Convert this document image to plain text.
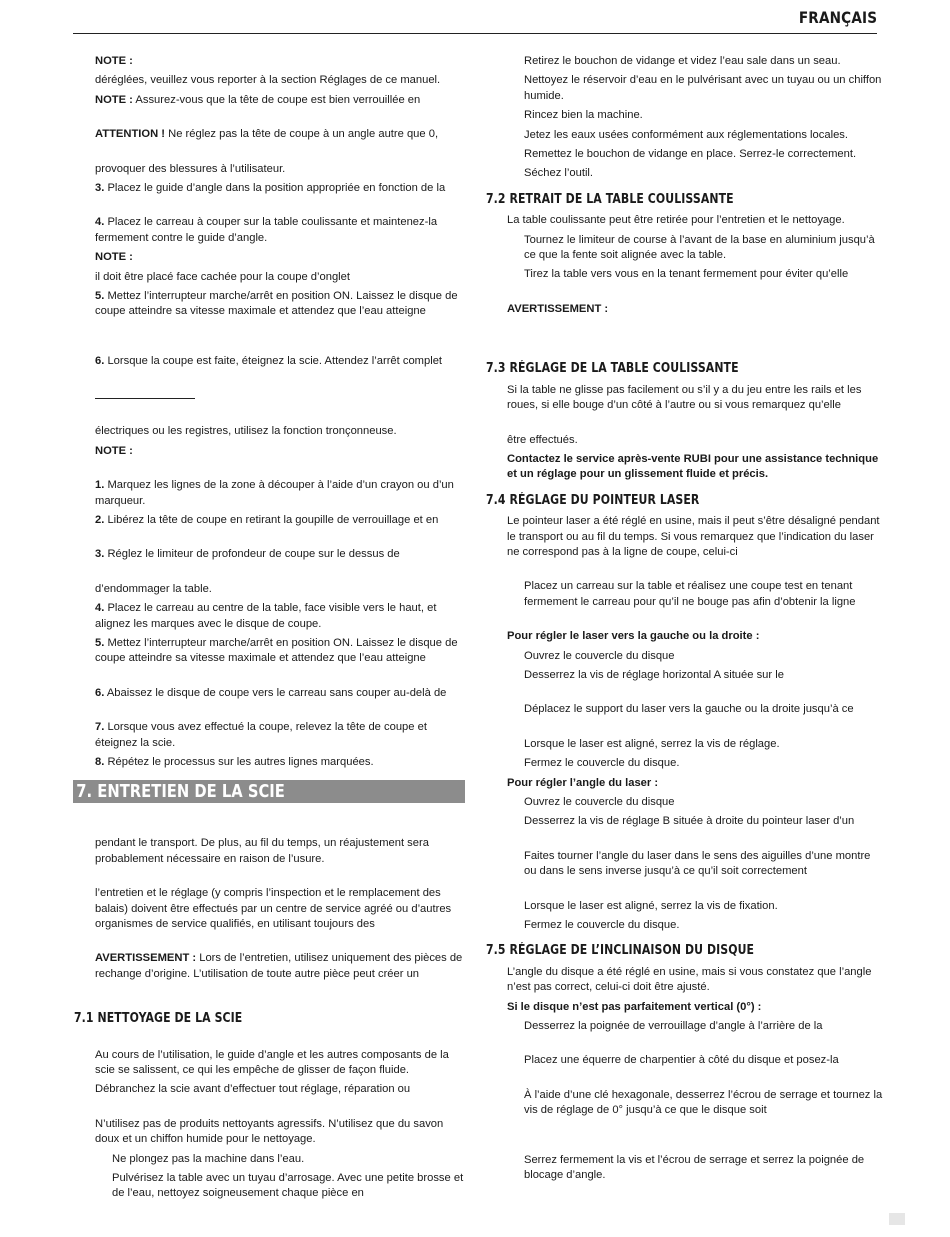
FRANÇAIS

NOTE :

déréglées, veuillez vous reporter à la section Réglages de ce manuel.

NOTE : Assurez-vous que la tête de coupe est bien verrouillée en

ATTENTION ! Ne réglez pas la tête de coupe à un angle autre que 0,

provoquer des blessures à l’utilisateur.

3. Placez le guide d’angle dans la position appropriée en fonction de la

4. Placez le carreau à couper sur la table coulissante et maintenez-la fermement contre le guide d’angle.

NOTE :

il doit être placé face cachée pour la coupe d’onglet

5. Mettez l’interrupteur marche/arrêt en position ON. Laissez le disque de coupe atteindre sa vitesse maximale et attendez que l’eau atteigne

6. Lorsque la coupe est faite, éteignez la scie. Attendez l’arrêt complet

électriques ou les registres, utilisez la fonction tronçonneuse.

NOTE :

1. Marquez les lignes de la zone à découper à l’aide d’un crayon ou d’un marqueur.

2. Libérez la tête de coupe en retirant la goupille de verrouillage et en

3. Réglez le limiteur de profondeur de coupe sur le dessus de

d’endommager la table.

4. Placez le carreau au centre de la table, face visible vers le haut, et alignez les marques avec le disque de coupe.

5. Mettez l’interrupteur marche/arrêt en position ON. Laissez le disque de coupe atteindre sa vitesse maximale et attendez que l’eau atteigne

6. Abaissez le disque de coupe vers le carreau sans couper au-delà de

7. Lorsque vous avez effectué la coupe, relevez la tête de coupe et éteignez la scie.

8. Répétez le processus sur les autres lignes marquées.

7. ENTRETIEN DE LA SCIE

pendant le transport. De plus, au fil du temps, un réajustement sera probablement nécessaire en raison de l’usure.

l’entretien et le réglage (y compris l’inspection et le remplacement des balais) doivent être effectués par un centre de service agréé ou d’autres organismes de service qualifiés, en utilisant toujours des

AVERTISSEMENT : Lors de l’entretien, utilisez uniquement des pièces de rechange d’origine. L’utilisation de toute autre pièce peut créer un

7.1 NETTOYAGE DE LA SCIE

Au cours de l’utilisation, le guide d’angle et les autres composants de la scie se salissent, ce qui les empêche de glisser de façon fluide.

Débranchez la scie avant d’effectuer tout réglage, réparation ou

N’utilisez pas de produits nettoyants agressifs. N’utilisez que du savon doux et un chiffon humide pour le nettoyage.

Ne plongez pas la machine dans l’eau.

Pulvérisez la table avec un tuyau d’arrosage. Avec une petite brosse et de l’eau, nettoyez soigneusement chaque pièce en

Retirez le bouchon de vidange et videz l’eau sale dans un seau.

Nettoyez le réservoir d’eau en le pulvérisant avec un tuyau ou un chiffon humide.

Rincez bien la machine.

Jetez les eaux usées conformément aux réglementations locales.

Remettez le bouchon de vidange en place. Serrez-le correctement.

Séchez l’outil.

7.2 RETRAIT DE LA TABLE COULISSANTE

La table coulissante peut être retirée pour l’entretien et le nettoyage.

Tournez le limiteur de course à l’avant de la base en aluminium jusqu’à ce que la fente soit alignée avec la table.

Tirez la table vers vous en la tenant fermement pour éviter qu’elle

AVERTISSEMENT :

7.3 RÉGLAGE DE LA TABLE COULISSANTE

Si la table ne glisse pas facilement ou s’il y a du jeu entre les rails et les roues, si elle bouge d’un côté à l’autre ou si vous remarquez qu’elle

être effectués.

Contactez le service après-vente RUBI pour une assistance technique et un réglage pour un glissement fluide et précis.

7.4 RÉGLAGE DU POINTEUR LASER

Le pointeur laser a été réglé en usine, mais il peut s’être désaligné pendant le transport ou au fil du temps. Si vous remarquez que l’indication du laser ne correspond pas à la ligne de coupe, celui-ci

Placez un carreau sur la table et réalisez une coupe test en tenant fermement le carreau pour qu’il ne bouge pas afin d’obtenir la ligne

Pour régler le laser vers la gauche ou la droite :

Ouvrez le couvercle du disque

Desserrez la vis de réglage horizontal A située sur le

Déplacez le support du laser vers la gauche ou la droite jusqu’à ce

Lorsque le laser est aligné, serrez la vis de réglage.

Fermez le couvercle du disque.

Pour régler l’angle du laser :

Ouvrez le couvercle du disque

Desserrez la vis de réglage B située à droite du pointeur laser d’un

Faites tourner l’angle du laser dans le sens des aiguilles d’une montre ou dans le sens inverse jusqu’à ce qu’il soit correctement

Lorsque le laser est aligné, serrez la vis de fixation.

Fermez le couvercle du disque.

7.5 RÉGLAGE DE L’INCLINAISON DU DISQUE

L’angle du disque a été réglé en usine, mais si vous constatez que l’angle n’est pas correct, celui-ci doit être ajusté.

Si le disque n’est pas parfaitement vertical (0°) :

Desserrez la poignée de verrouillage d’angle à l’arrière de la

Placez une équerre de charpentier à côté du disque et posez-la

À l’aide d’une clé hexagonale, desserrez l’écrou de serrage et tournez la vis de réglage de 0° jusqu’à ce que le disque soit

Serrez fermement la vis et l’écrou de serrage et serrez la poignée de blocage d’angle.
